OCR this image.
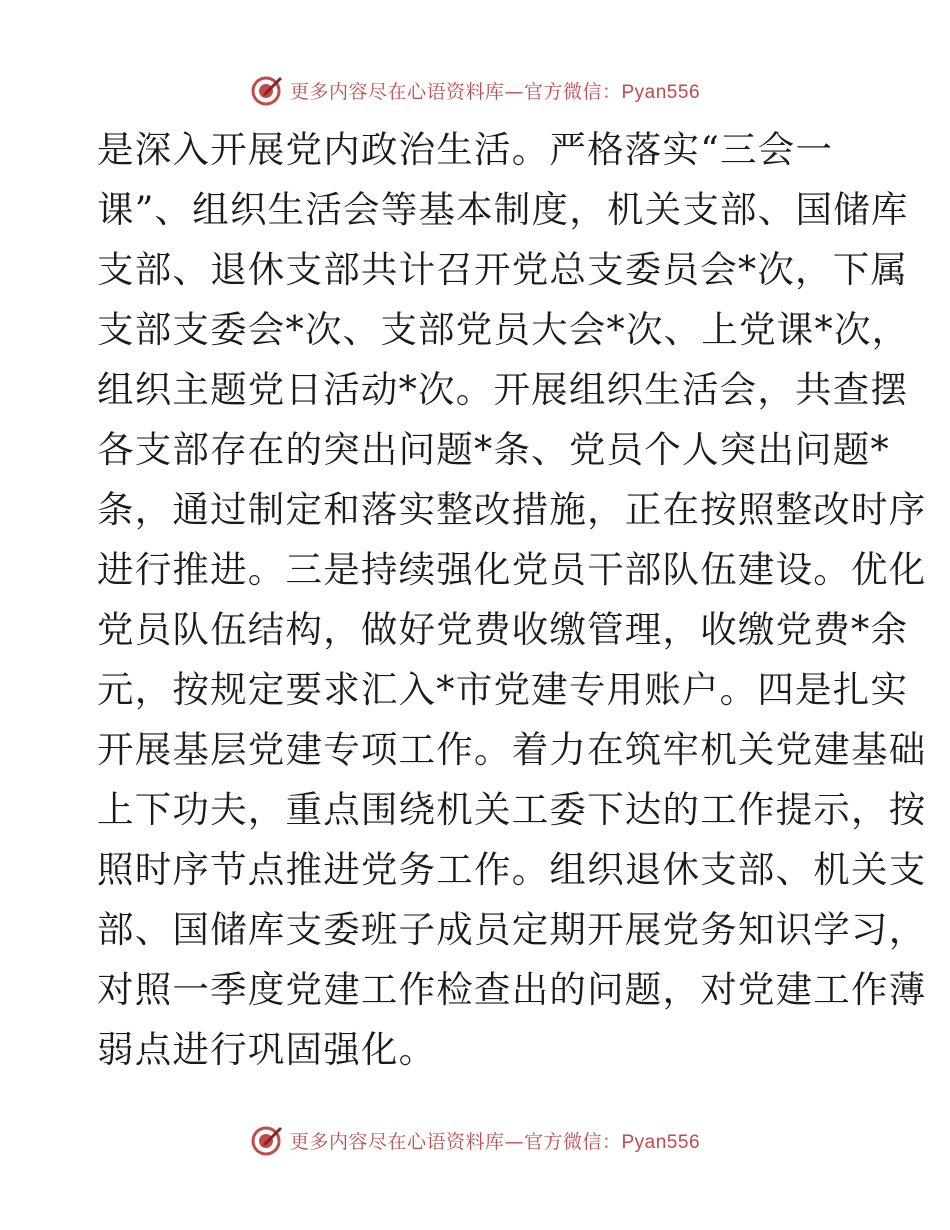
更多内容尽在心语资料库—官方微信：Pyan556
是深入开展党内政治生活。严格落实“三会一
课”、组织生活会等基本制度，机关支部、国储库
支部、退休支部共计召开党总支委员会*次，下属
支部支委会*次、支部党员大会*次、上党课*次，
组织主题党日活动*次。开展组织生活会，共查摆
各支部存在的突出问题*条、党员个人突出问题*
条，通过制定和落实整改措施，正在按照整改时序
进行推进。三是持续强化党员干部队伍建设。优化
党员队伍结构，做好党费收缴管理，收缴党费*余
元，按规定要求汇入*市党建专用账户。四是扎实
开展基层党建专项工作。着力在筑牢机关党建基础
上下功夫，重点围绕机关工委下达的工作提示，按
照时序节点推进党务工作。组织退休支部、机关支
部、国储库支委班子成员定期开展党务知识学习，
对照一季度党建工作检查出的问题，对党建工作薄
弱点进行巩固强化。
更多内容尽在心语资料库—官方微信：Pyan556
